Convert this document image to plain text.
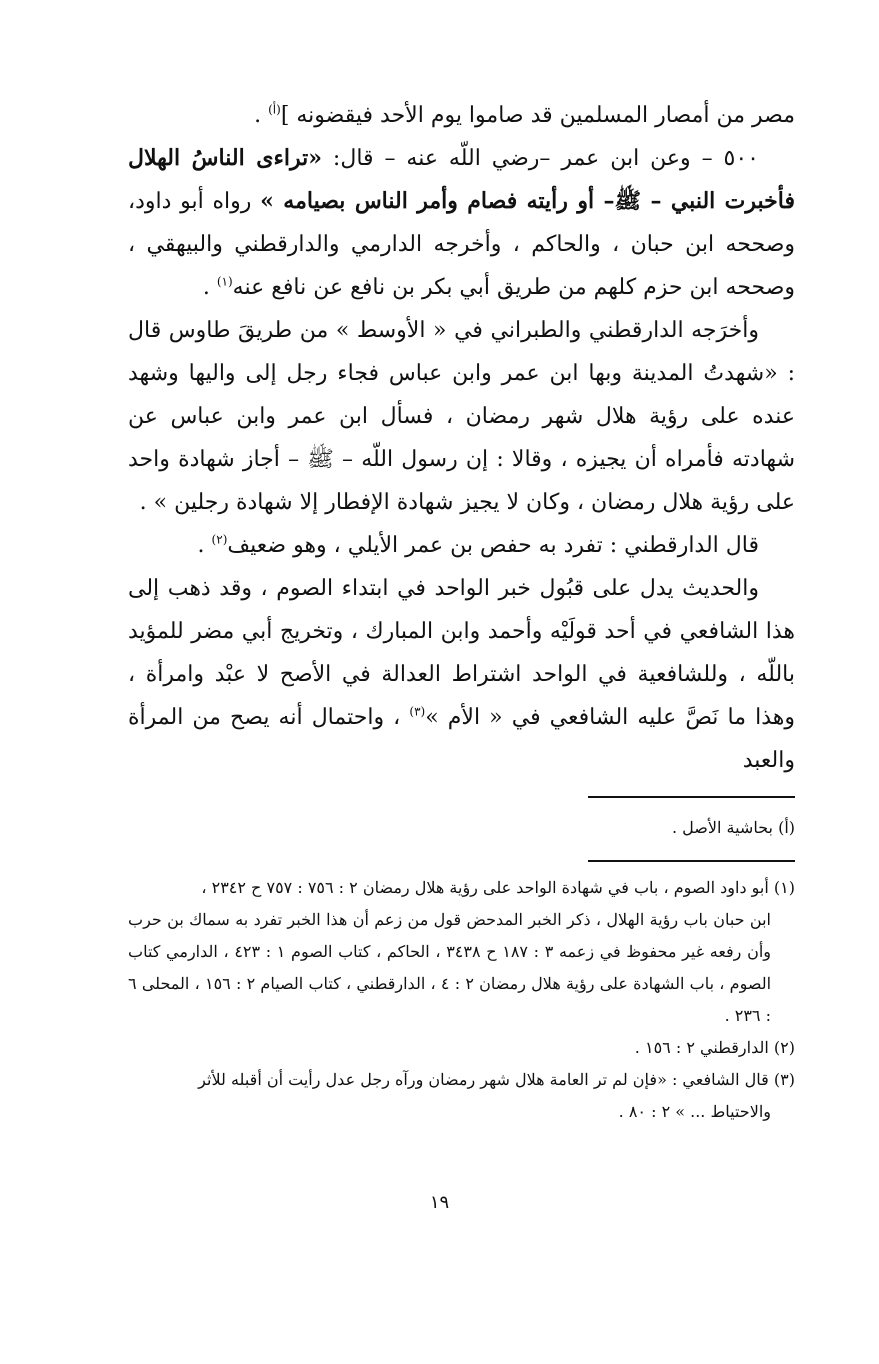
مصر من أمصار المسلمين قد صاموا يوم الأحد فيقضونه ]$^{(أ)}$ .

٥٠٠ – وعن ابن عمر –رضي اللّه عنه – قال: «تراءى الناسُ الهلال فأخبرت النبي – ﷺ– أو رأيته فصام وأمر الناس بصيامه » رواه أبو داود، وصححه ابن حبان ، والحاكم ، وأخرجه الدارمي والدارقطني والبيهقي ، وصححه ابن حزم كلهم من طريق أبي بكر بن نافع عن نافع عنه$^{(١)}$ .

وأخرَجه الدارقطني والطبراني في « الأوسط » من طريقَ طاوس قال : «شهدتُ المدينة وبها ابن عمر وابن عباس فجاء رجل إلى واليها وشهد عنده على رؤية هلال شهر رمضان ، فسأل ابن عمر وابن عباس عن شهادته فأمراه أن يجيزه ، وقالا : إن رسول اللّه – ﷺ – أجاز شهادة واحد على رؤية هلال رمضان ، وكان لا يجيز شهادة الإفطار إلا شهادة رجلين » .

قال الدارقطني : تفرد به حفص بن عمر الأيلي ، وهو ضعيف$^{(٢)}$ .

والحديث يدل على قبُول خبر الواحد في ابتداء الصوم ، وقد ذهب إلى هذا الشافعي في أحد قولَيْه وأحمد وابن المبارك ، وتخريج أبي مضر للمؤيد باللّه ، وللشافعية في الواحد اشتراط العدالة في الأصح لا عبْد وامرأة ، وهذا ما نَصَّ عليه الشافعي في « الأم »$^{(٣)}$ ، واحتمال أنه يصح من المرأة والعبد

(أ) بحاشية الأصل .

(١) أبو داود الصوم ، باب في شهادة الواحد على رؤية هلال رمضان ٢ : ٧٥٦ : ٧٥٧ ح ٢٣٤٢ ،

ابن حبان باب رؤية الهلال ، ذكر الخبر المدحض قول من زعم أن هذا الخبر تفرد به سماك بن حرب وأن رفعه غير محفوظ في زعمه ٣ : ١٨٧ ح ٣٤٣٨ ، الحاكم ، كتاب الصوم ١ : ٤٢٣ ، الدارمي كتاب الصوم ، باب الشهادة على رؤية هلال رمضان ٢ : ٤ ، الدارقطني ، كتاب الصيام ٢ : ١٥٦ ، المحلى ٦ : ٢٣٦ .

(٢) الدارقطني ٢ : ١٥٦ .

(٣) قال الشافعي : «فإن لم تر العامة هلال شهر رمضان ورآه رجل عدل رأيت أن أقبله للأثر

والاحتياط ... » ٢ : ٨٠ .

١٩
